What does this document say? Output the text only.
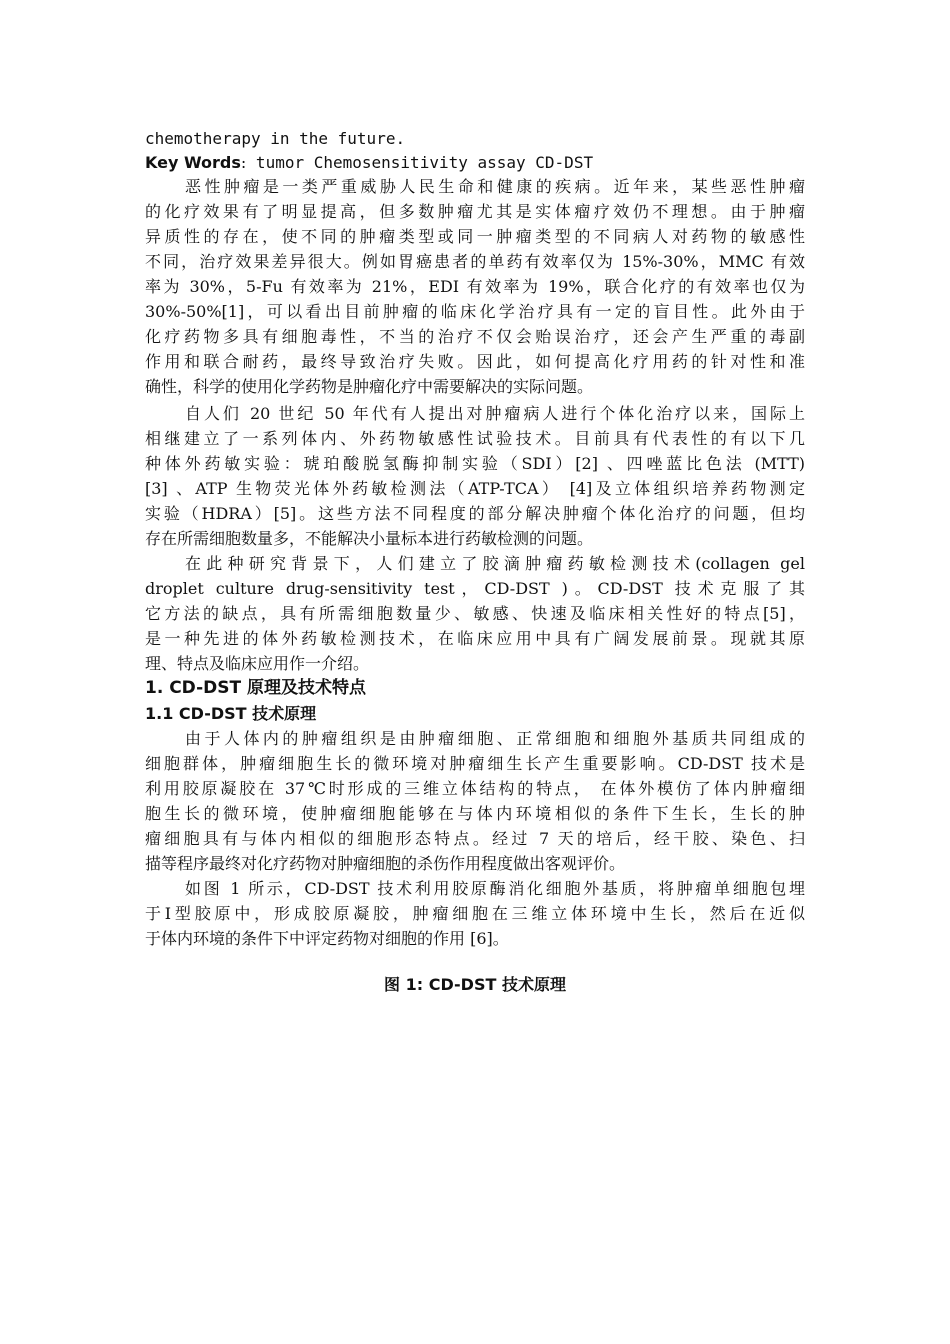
chemotherapy in the future.
Key Words: tumor Chemosensitivity assay CD-DST
恶性肿瘤是一类严重威胁人民生命和健康的疾病。近年来，某些恶性肿瘤
的化疗效果有了明显提高，但多数肿瘤尤其是实体瘤疗效仍不理想。由于肿瘤
异质性的存在，使不同的肿瘤类型或同一肿瘤类型的不同病人对药物的敏感性
不同，治疗效果差异很大。例如胃癌患者的单药有效率仅为 15%-30%，MMC 有效
率为 30%，5-Fu 有效率为 21%，EDI 有效率为 19%，联合化疗的有效率也仅为
30%-50%[1]，可以看出目前肿瘤的临床化学治疗具有一定的盲目性。此外由于
化疗药物多具有细胞毒性，不当的治疗不仅会贻误治疗，还会产生严重的毒副
作用和联合耐药，最终导致治疗失败。因此，如何提高化疗用药的针对性和准
确性，科学的使用化学药物是肿瘤化疗中需要解决的实际问题。
自人们 20 世纪 50 年代有人提出对肿瘤病人进行个体化治疗以来，国际上
相继建立了一系列体内、外药物敏感性试验技术。目前具有代表性的有以下几
种体外药敏实验：琥珀酸脱氢酶抑制实验（SDI）[2] 、四唑蓝比色法 (MTT)
[3] 、ATP 生物荧光体外药敏检测法（ATP-TCA） [4]及立体组织培养药物测定
实验（HDRA）[5]。这些方法不同程度的部分解决肿瘤个体化治疗的问题，但均
存在所需细胞数量多，不能解决小量标本进行药敏检测的问题。
在此种研究背景下，人们建立了胶滴肿瘤药敏检测技术(collagen gel
droplet culture drug-sensitivity test，CD-DST )。CD-DST 技术克服了其
它方法的缺点，具有所需细胞数量少、敏感、快速及临床相关性好的特点[5]，
是一种先进的体外药敏检测技术，在临床应用中具有广阔发展前景。现就其原
理、特点及临床应用作一介绍。
1. CD-DST 原理及技术特点
1.1 CD-DST 技术原理
由于人体内的肿瘤组织是由肿瘤细胞、正常细胞和细胞外基质共同组成的
细胞群体，肿瘤细胞生长的微环境对肿瘤细生长产生重要影响。CD-DST 技术是
利用胶原凝胶在 37℃时形成的三维立体结构的特点， 在体外模仿了体内肿瘤细
胞生长的微环境，使肿瘤细胞能够在与体内环境相似的条件下生长，生长的肿
瘤细胞具有与体内相似的细胞形态特点。经过 7 天的培后，经干胶、染色、扫
描等程序最终对化疗药物对肿瘤细胞的杀伤作用程度做出客观评价。
如图 1 所示，CD-DST 技术利用胶原酶消化细胞外基质，将肿瘤单细胞包埋
于Ⅰ型胶原中，形成胶原凝胶，肿瘤细胞在三维立体环境中生长，然后在近似
于体内环境的条件下中评定药物对细胞的作用 [6]。
图 1: CD-DST 技术原理
